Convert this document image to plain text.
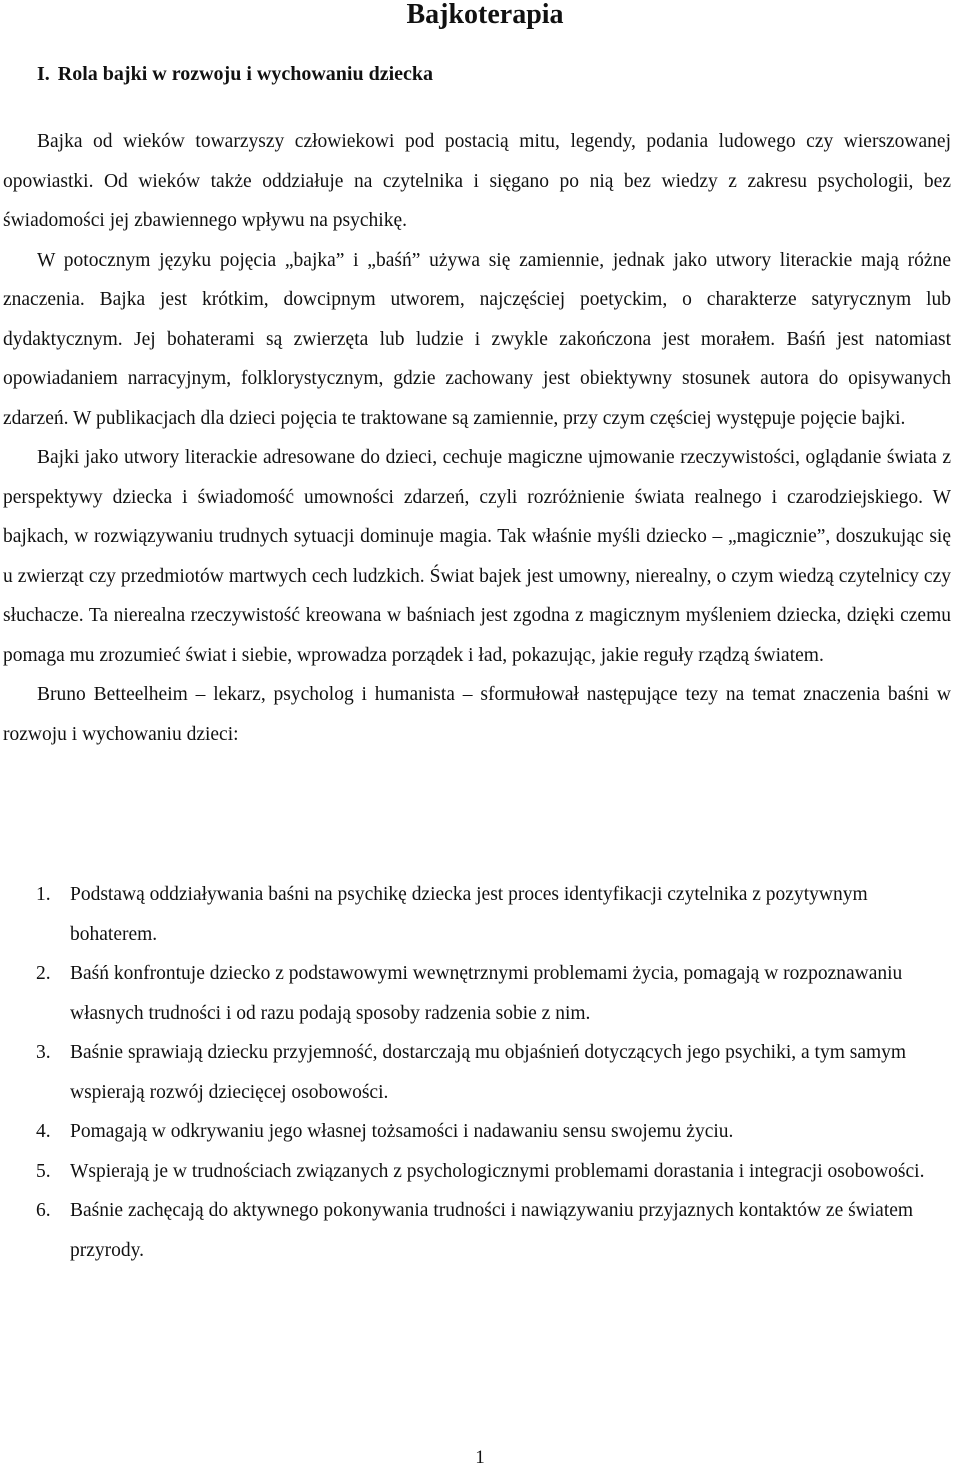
Bajkoterapia
I. Rola bajki w rozwoju i wychowaniu dziecka

Bajka od wieków towarzyszy człowiekowi pod postacią mitu, legendy, podania ludowego czy wierszowanej opowiastki. Od wieków także oddziałuje na czytelnika i sięgano po nią bez wiedzy z zakresu psychologii, bez świadomości jej zbawiennego wpływu na psychikę.

W potocznym języku pojęcia „bajka” i „baśń” używa się zamiennie, jednak jako utwory literackie mają różne znaczenia. Bajka jest krótkim, dowcipnym utworem, najczęściej poetyckim, o charakterze satyrycznym lub dydaktycznym. Jej bohaterami są zwierzęta lub ludzie i zwykle zakończona jest morałem. Baśń jest natomiast opowiadaniem narracyjnym, folklorystycznym, gdzie zachowany jest obiektywny stosunek autora do opisywanych zdarzeń. W publikacjach dla dzieci pojęcia te traktowane są zamiennie, przy czym częściej występuje pojęcie bajki.

Bajki jako utwory literackie adresowane do dzieci, cechuje magiczne ujmowanie rzeczywistości, oglądanie świata z perspektywy dziecka i świadomość umowności zdarzeń, czyli rozróżnienie świata realnego i czarodziejskiego. W bajkach, w rozwiązywaniu trudnych sytuacji dominuje magia. Tak właśnie myśli dziecko – „magicznie”, doszukując się u zwierząt czy przedmiotów martwych cech ludzkich. Świat bajek jest umowny, nierealny, o czym wiedzą czytelnicy czy słuchacze. Ta nierealna rzeczywistość kreowana w baśniach jest zgodna z magicznym myśleniem dziecka, dzięki czemu pomaga mu zrozumieć świat i siebie, wprowadza porządek i ład, pokazując, jakie reguły rządzą światem.

Bruno Betteelheim – lekarz, psycholog i humanista – sformułował następujące tezy na temat znaczenia baśni w rozwoju i wychowaniu dzieci:

1. Podstawą oddziaływania baśni na psychikę dziecka jest proces identyfikacji czytelnika z pozytywnym bohaterem.
2. Baśń konfrontuje dziecko z podstawowymi wewnętrznymi problemami życia, pomagają w rozpoznawaniu własnych trudności i od razu podają sposoby radzenia sobie z nim.
3. Baśnie sprawiają dziecku przyjemność, dostarczają mu objaśnień dotyczących jego psychiki, a tym samym wspierają rozwój dziecięcej osobowości.
4. Pomagają w odkrywaniu jego własnej tożsamości i nadawaniu sensu swojemu życiu.
5. Wspierają je w trudnościach związanych z psychologicznymi problemami dorastania i integracji osobowości.
6. Baśnie zachęcają do aktywnego pokonywania trudności i nawiązywaniu przyjaznych kontaktów ze światem przyrody.
1
